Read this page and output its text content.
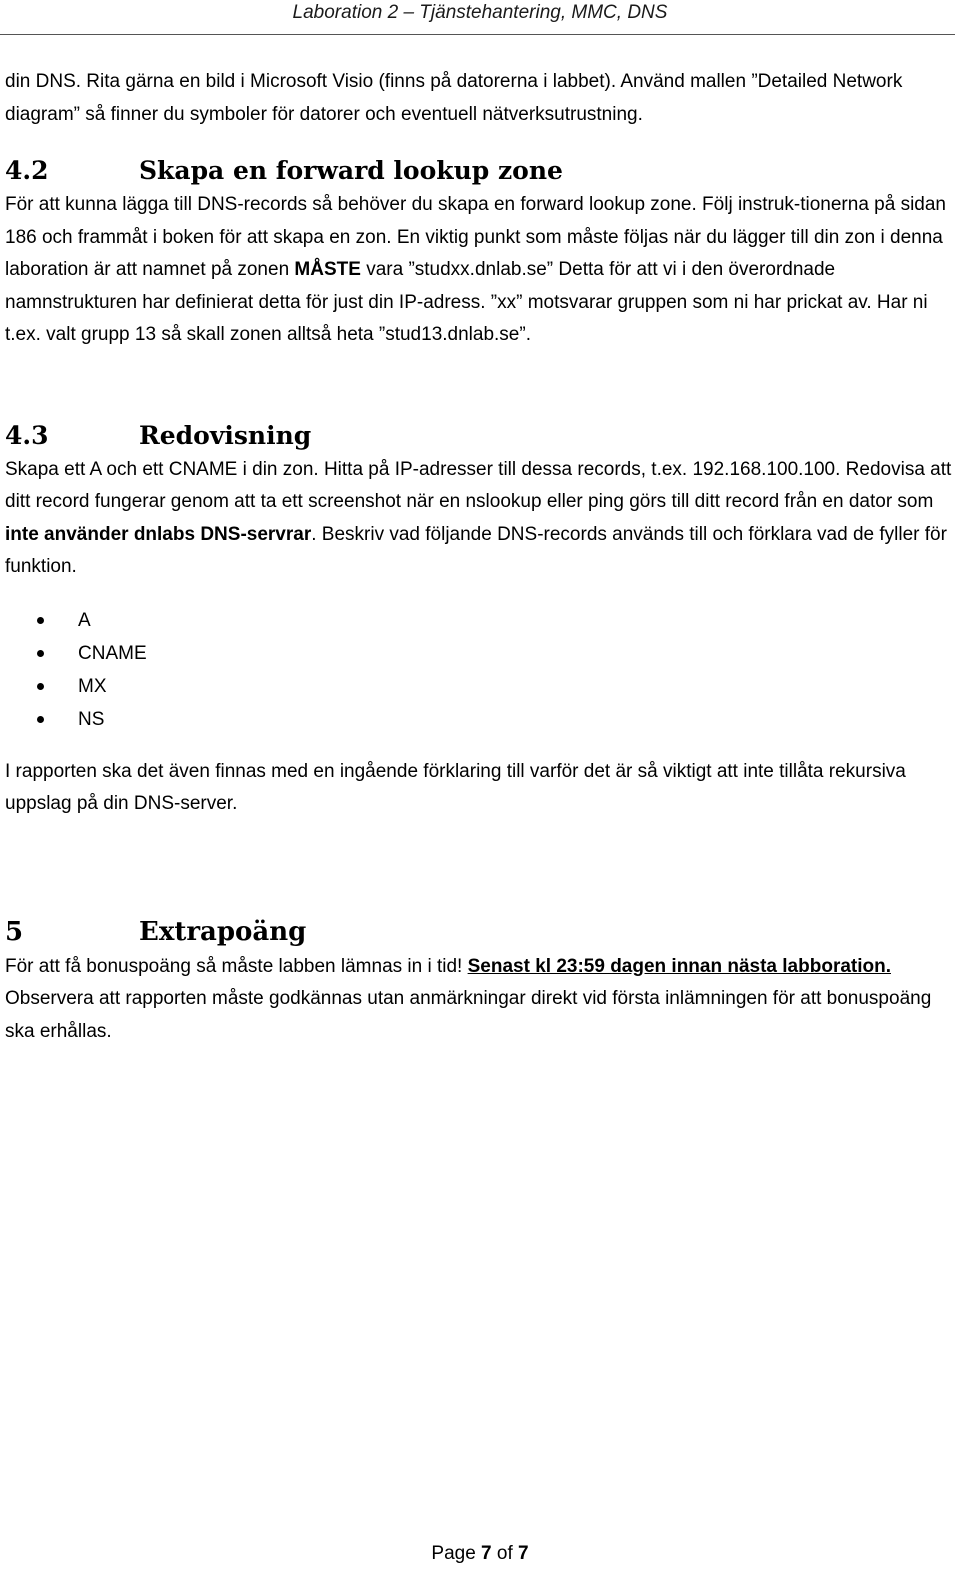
Laboration 2 – Tjänstehantering, MMC, DNS

din DNS. Rita gärna en bild i Microsoft Visio (finns på datorerna i labbet). Använd mallen ”Detailed Network diagram” så finner du symboler för datorer och eventuell nätverksutrustning.

4.2	Skapa en forward lookup zone

För att kunna lägga till DNS-records så behöver du skapa en forward lookup zone. Följ instruk-tionerna på sidan 186 och frammåt i boken för att skapa en zon. En viktig punkt som måste följas när du lägger till din zon i denna laboration är att namnet på zonen MÅSTE vara ”studxx.dnlab.se” Detta för att vi i den överordnade namnstrukturen har definierat detta för just din IP-adress. ”xx” motsvarar gruppen som ni har prickat av. Har ni t.ex. valt grupp 13 så skall zonen alltså heta ”stud13.dnlab.se”.

4.3	Redovisning

Skapa ett A och ett CNAME i din zon. Hitta på IP-adresser till dessa records, t.ex. 192.168.100.100. Redovisa att ditt record fungerar genom att ta ett screenshot när en nslookup eller ping görs till ditt record från en dator som inte använder dnlabs DNS-servrar. Beskriv vad följande DNS-records används till och förklara vad de fyller för funktion.

A
CNAME
MX
NS

I rapporten ska det även finnas med en ingående förklaring till varför det är så viktigt att inte tillåta rekursiva uppslag på din DNS-server.

5	Extrapoäng

För att få bonuspoäng så måste labben lämnas in i tid! Senast kl 23:59 dagen innan nästa labboration. Observera att rapporten måste godkännas utan anmärkningar direkt vid första inlämningen för att bonuspoäng ska erhållas.

Page 7 of 7
